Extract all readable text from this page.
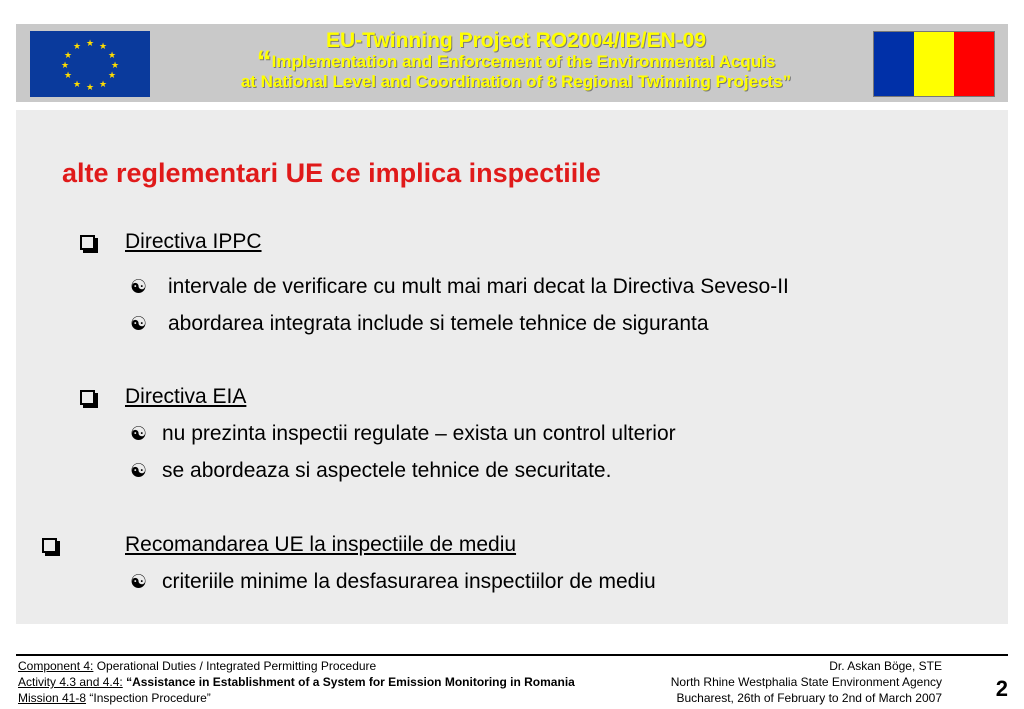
★ ★
★
★
★
★
★
★
★
★
★
★	EU-Twinning Project RO2004/IB/EN-09
“Implementation and Enforcement of the Environmental Acquis
at National Level and Coordination of 8 Regional Twinning Projects”
alte reglementari UE ce implica inspectiile
Directiva IPPC
☯ intervale de verificare cu mult mai mari decat la Directiva Seveso-II
☯ abordarea integrata include si temele tehnice de siguranta
Directiva EIA
☯ nu prezinta inspectii regulate – exista un control ulterior
☯ se abordeaza si aspectele tehnice de securitate.
Recomandarea UE la inspectiile de mediu
☯ criteriile minime la desfasurarea inspectiilor de mediu
Component 4: Operational Duties / Integrated Permitting Procedure
Activity 4.3 and 4.4: “Assistance in Establishment of a System for Emission Monitoring in Romania
Mission 41-8 “Inspection Procedure”
Dr. Askan Böge, STE
North Rhine Westphalia State Environment Agency
Bucharest, 26th of February to 2nd of March 2007 2
